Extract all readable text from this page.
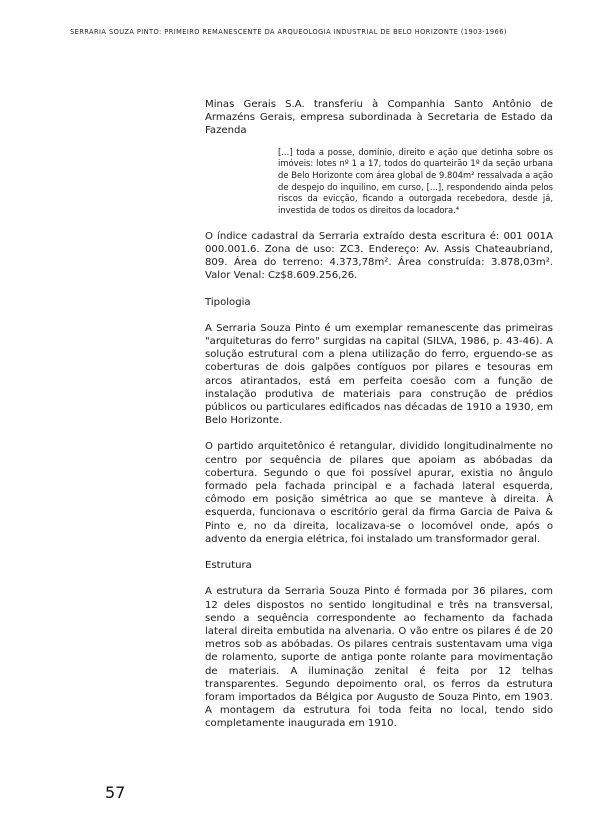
SERRARIA SOUZA PINTO: PRIMEIRO REMANESCENTE DA ARQUEOLOGIA INDUSTRIAL DE BELO HORIZONTE (1903-1966)

Minas Gerais S.A. transferiu à Companhia Santo Antônio de Armazéns Gerais, empresa subordinada à Secretaria de Estado da Fazenda

[...] toda a posse, domínio, direito e ação que detinha sobre os imóveis: lotes nº 1 a 17, todos do quarteirão 1º da seção urbana de Belo Horizonte com área global de 9.804m² ressalvada a ação de despejo do inquilino, em curso, [...], respondendo ainda pelos riscos da evicção, ficando a outorgada recebedora, desde já, investida de todos os direitos da locadora.⁴

O índice cadastral da Serraria extraído desta escritura é: 001 001A 000.001.6. Zona de uso: ZC3. Endereço: Av. Assis Chateaubriand, 809. Área do terreno: 4.373,78m². Área construída: 3.878,03m². Valor Venal: Cz$8.609.256,26.

Tipologia

A Serraria Souza Pinto é um exemplar remanescente das primeiras "arquiteturas do ferro" surgidas na capital (SILVA, 1986, p. 43-46). A solução estrutural com a plena utilização do ferro, erguendo-se as coberturas de dois galpões contíguos por pilares e tesouras em arcos atirantados, está em perfeita coesão com a função de instalação produtiva de materiais para construção de prédios públicos ou particulares edificados nas décadas de 1910 a 1930, em Belo Horizonte.

O partido arquitetônico é retangular, dividido longitudinalmente no centro por sequência de pilares que apoiam as abóbadas da cobertura. Segundo o que foi possível apurar, existia no ângulo formado pela fachada principal e a fachada lateral esquerda, cômodo em posição simétrica ao que se manteve à direita. À esquerda, funcionava o escritório geral da firma Garcia de Paiva & Pinto e, no da direita, localizava-se o locomóvel onde, após o advento da energia elétrica, foi instalado um transformador geral.

Estrutura

A estrutura da Serraria Souza Pinto é formada por 36 pilares, com 12 deles dispostos no sentido longitudinal e três na transversal, sendo a sequência correspondente ao fechamento da fachada lateral direita embutida na alvenaria. O vão entre os pilares é de 20 metros sob as abóbadas. Os pilares centrais sustentavam uma viga de rolamento, suporte de antiga ponte rolante para movimentação de materiais. A iluminação zenital é feita por 12 telhas transparentes. Segundo depoimento oral, os ferros da estrutura foram importados da Bélgica por Augusto de Souza Pinto, em 1903. A montagem da estrutura foi toda feita no local, tendo sido completamente inaugurada em 1910.

57
